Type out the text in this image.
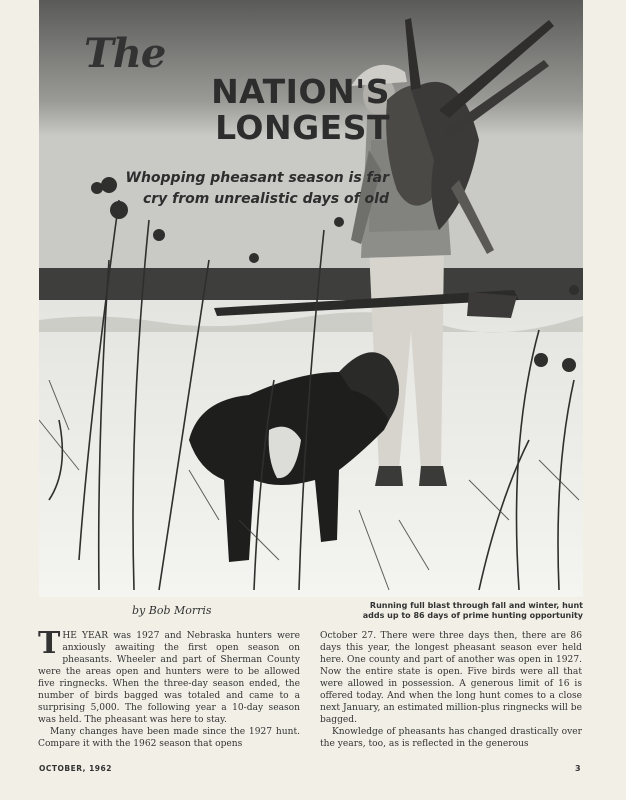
The
NATION'S LONGEST
Whopping pheasant season is far cry from unrealistic days of old
by Bob Morris	Running full blast through fall and winter, hunt adds up to 86 days of prime hunting opportunity

THE YEAR was 1927 and Nebraska hunters were anxiously awaiting the first open season on pheasants. Wheeler and part of Sherman County were the areas open and hunters were to be allowed five ringnecks. When the three-day season ended, the number of birds bagged was totaled and came to a surprising 5,000. The following year a 10-day season was held. The pheasant was here to stay.

Many changes have been made since the 1927 hunt. Compare it with the 1962 season that opens

October 27. There were three days then, there are 86 days this year, the longest pheasant season ever held here. One county and part of another was open in 1927. Now the entire state is open. Five birds were all that were allowed in possession. A generous limit of 16 is offered today. And when the long hunt comes to a close next January, an estimated million-plus ringnecks will be bagged.

Knowledge of pheasants has changed drastically over the years, too, as is reflected in the generous

OCTOBER, 1962	3
